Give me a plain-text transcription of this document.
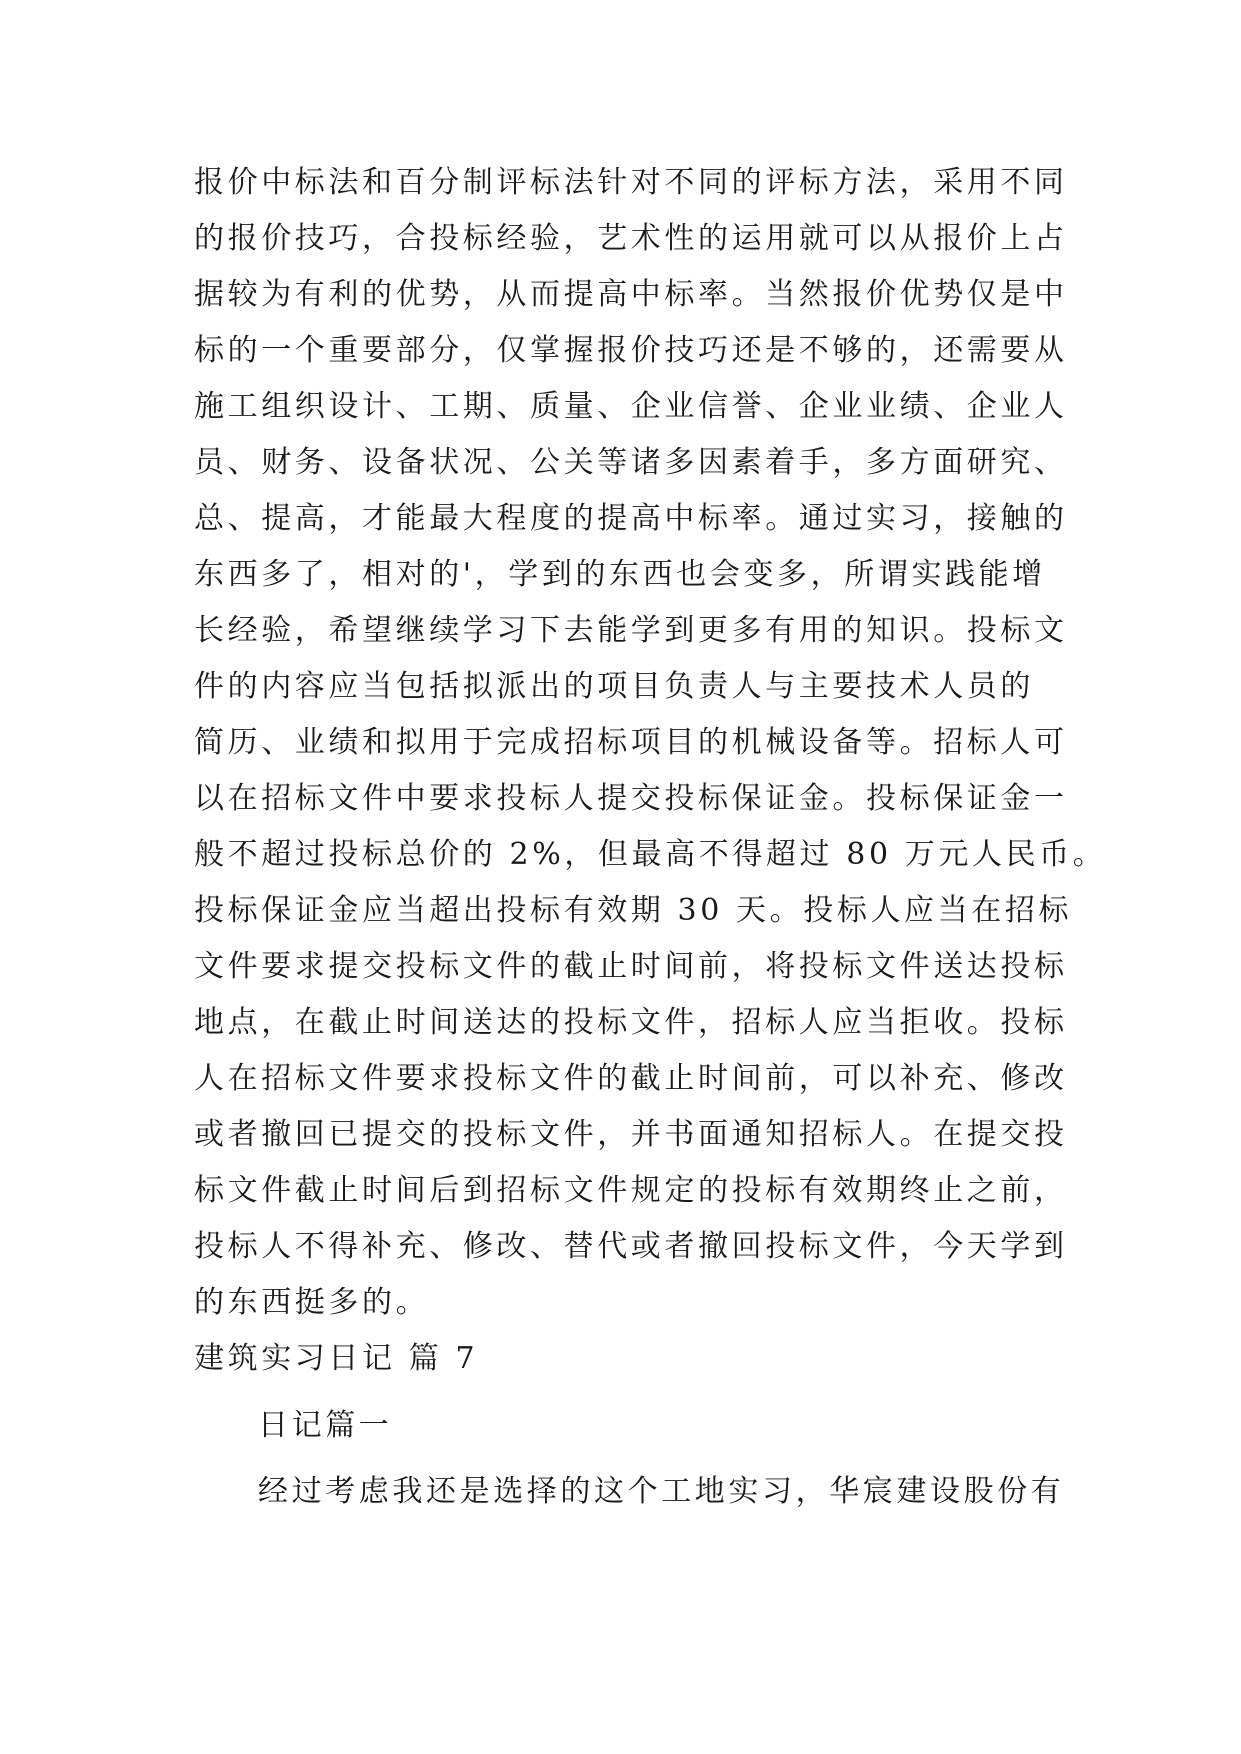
报价中标法和百分制评标法针对不同的评标方法，采用不同
的报价技巧，合投标经验，艺术性的运用就可以从报价上占
据较为有利的优势，从而提高中标率。当然报价优势仅是中
标的一个重要部分，仅掌握报价技巧还是不够的，还需要从
施工组织设计、工期、质量、企业信誉、企业业绩、企业人
员、财务、设备状况、公关等诸多因素着手，多方面研究、
总、提高，才能最大程度的提高中标率。通过实习，接触的
东西多了，相对的'，学到的东西也会变多，所谓实践能增
长经验，希望继续学习下去能学到更多有用的知识。投标文
件的内容应当包括拟派出的项目负责人与主要技术人员的
简历、业绩和拟用于完成招标项目的机械设备等。招标人可
以在招标文件中要求投标人提交投标保证金。投标保证金一
般不超过投标总价的 2%，但最高不得超过 80 万元人民币。
投标保证金应当超出投标有效期 30 天。投标人应当在招标
文件要求提交投标文件的截止时间前，将投标文件送达投标
地点，在截止时间送达的投标文件，招标人应当拒收。投标
人在招标文件要求投标文件的截止时间前，可以补充、修改
或者撤回已提交的投标文件，并书面通知招标人。在提交投
标文件截止时间后到招标文件规定的投标有效期终止之前，
投标人不得补充、修改、替代或者撤回投标文件，今天学到
的东西挺多的。
建筑实习日记 篇 7
日记篇一
经过考虑我还是选择的这个工地实习，华宸建设股份有
